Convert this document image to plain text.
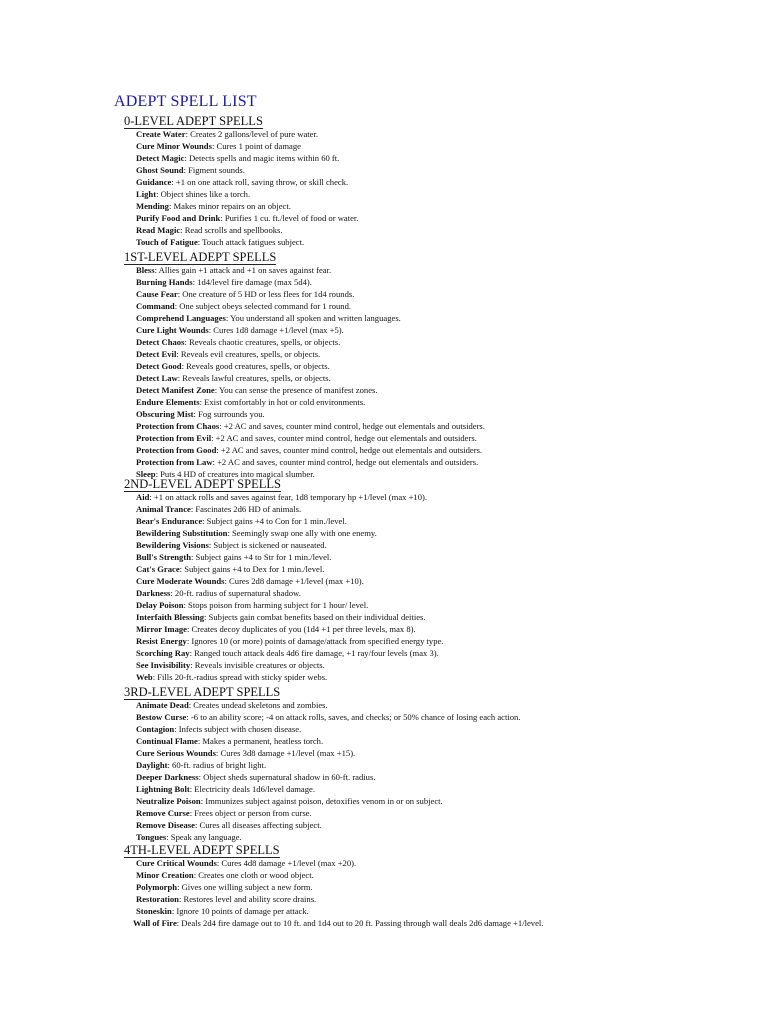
ADEPT SPELL LIST
0-LEVEL ADEPT SPELLS
Create Water: Creates 2 gallons/level of pure water.
Cure Minor Wounds: Cures 1 point of damage
Detect Magic: Detects spells and magic items within 60 ft.
Ghost Sound: Figment sounds.
Guidance: +1 on one attack roll, saving throw, or skill check.
Light: Object shines like a torch.
Mending: Makes minor repairs on an object.
Purify Food and Drink: Purifies 1 cu. ft./level of food or water.
Read Magic: Read scrolls and spellbooks.
Touch of Fatigue: Touch attack fatigues subject.
1ST-LEVEL ADEPT SPELLS
Bless: Allies gain +1 attack and +1 on saves against fear.
Burning Hands: 1d4/level fire damage (max 5d4).
Cause Fear: One creature of 5 HD or less flees for 1d4 rounds.
Command: One subject obeys selected command for 1 round.
Comprehend Languages: You understand all spoken and written languages.
Cure Light Wounds: Cures 1d8 damage +1/level (max +5).
Detect Chaos: Reveals chaotic creatures, spells, or objects.
Detect Evil: Reveals evil creatures, spells, or objects.
Detect Good: Reveals good creatures, spells, or objects.
Detect Law: Reveals lawful creatures, spells, or objects.
Detect Manifest Zone: You can sense the presence of manifest zones.
Endure Elements: Exist comfortably in hot or cold environments.
Obscuring Mist: Fog surrounds you.
Protection from Chaos: +2 AC and saves, counter mind control, hedge out elementals and outsiders.
Protection from Evil: +2 AC and saves, counter mind control, hedge out elementals and outsiders.
Protection from Good: +2 AC and saves, counter mind control, hedge out elementals and outsiders.
Protection from Law: +2 AC and saves, counter mind control, hedge out elementals and outsiders.
Sleep: Puts 4 HD of creatures into magical slumber.
2ND-LEVEL ADEPT SPELLS
Aid: +1 on attack rolls and saves against fear, 1d8 temporary hp +1/level (max +10).
Animal Trance: Fascinates 2d6 HD of animals.
Bear's Endurance: Subject gains +4 to Con for 1 min./level.
Bewildering Substitution: Seemingly swap one ally with one enemy.
Bewildering Visions: Subject is sickened or nauseated.
Bull's Strength: Subject gains +4 to Str for 1 min./level.
Cat's Grace: Subject gains +4 to Dex for 1 min./level.
Cure Moderate Wounds: Cures 2d8 damage +1/level (max +10).
Darkness: 20-ft. radius of supernatural shadow.
Delay Poison: Stops poison from harming subject for 1 hour/ level.
Interfaith Blessing: Subjects gain combat benefits based on their individual deities.
Mirror Image: Creates decoy duplicates of you (1d4 +1 per three levels, max 8).
Resist Energy: Ignores 10 (or more) points of damage/attack from specified energy type.
Scorching Ray: Ranged touch attack deals 4d6 fire damage, +1 ray/four levels (max 3).
See Invisibility: Reveals invisible creatures or objects.
Web: Fills 20-ft.-radius spread with sticky spider webs.
3RD-LEVEL ADEPT SPELLS
Animate Dead: Creates undead skeletons and zombies.
Bestow Curse: -6 to an ability score; -4 on attack rolls, saves, and checks; or 50% chance of losing each action.
Contagion: Infects subject with chosen disease.
Continual Flame: Makes a permanent, heatless torch.
Cure Serious Wounds: Cures 3d8 damage +1/level (max +15).
Daylight: 60-ft. radius of bright light.
Deeper Darkness: Object sheds supernatural shadow in 60-ft. radius.
Lightning Bolt: Electricity deals 1d6/level damage.
Neutralize Poison: Immunizes subject against poison, detoxifies venom in or on subject.
Remove Curse: Frees object or person from curse.
Remove Disease: Cures all diseases affecting subject.
Tongues: Speak any language.
4TH-LEVEL ADEPT SPELLS
Cure Critical Wounds: Cures 4d8 damage +1/level (max +20).
Minor Creation: Creates one cloth or wood object.
Polymorph: Gives one willing subject a new form.
Restoration: Restores level and ability score drains.
Stoneskin: Ignore 10 points of damage per attack.
Wall of Fire: Deals 2d4 fire damage out to 10 ft. and 1d4 out to 20 ft. Passing through wall deals 2d6 damage +1/level.
